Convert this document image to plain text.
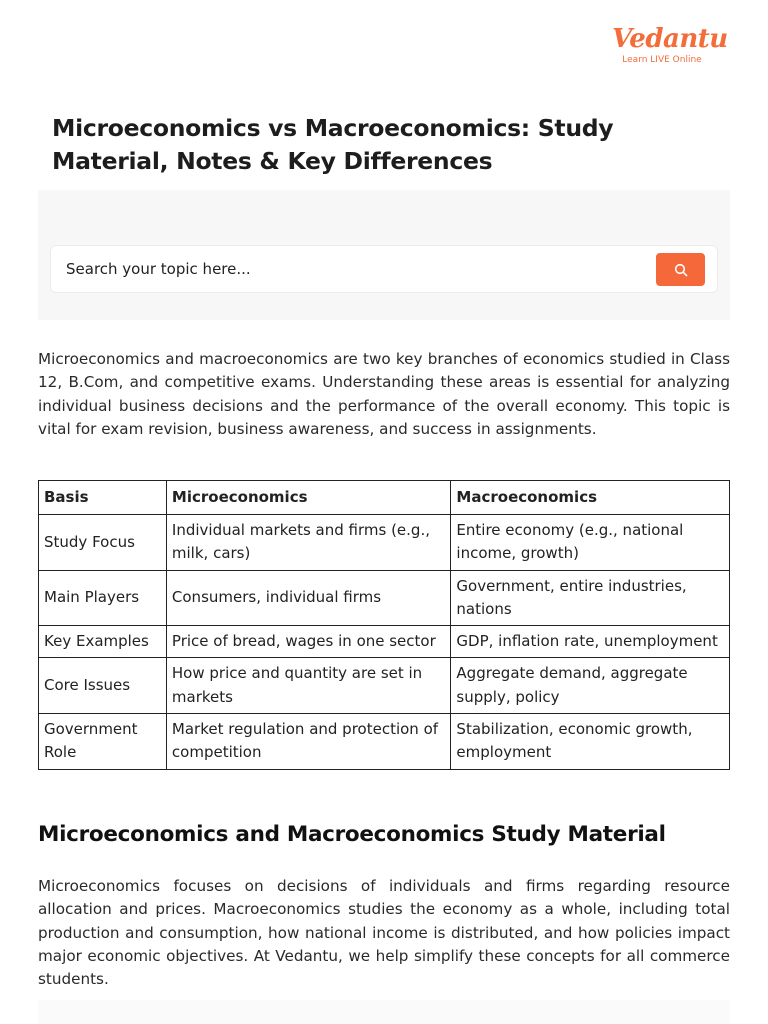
Vedantu
Learn LIVE Online
Microeconomics vs Macroeconomics: Study Material, Notes & Key Differences
Search your topic here...

Microeconomics and macroeconomics are two key branches of economics studied in Class 12, B.Com, and competitive exams. Understanding these areas is essential for analyzing individual business decisions and the performance of the overall economy. This topic is vital for exam revision, business awareness, and success in assignments.

Basis	Microeconomics	Macroeconomics
Study Focus	Individual markets and firms (e.g., milk, cars)	Entire economy (e.g., national income, growth)
Main Players	Consumers, individual firms	Government, entire industries, nations
Key Examples	Price of bread, wages in one sector	GDP, inflation rate, unemployment
Core Issues	How price and quantity are set in markets	Aggregate demand, aggregate supply, policy
Government Role	Market regulation and protection of competition	Stabilization, economic growth, employment
Microeconomics and Macroeconomics Study Material

Microeconomics focuses on decisions of individuals and firms regarding resource allocation and prices. Macroeconomics studies the economy as a whole, including total production and consumption, how national income is distributed, and how policies impact major economic objectives. At Vedantu, we help simplify these concepts for all commerce students.
